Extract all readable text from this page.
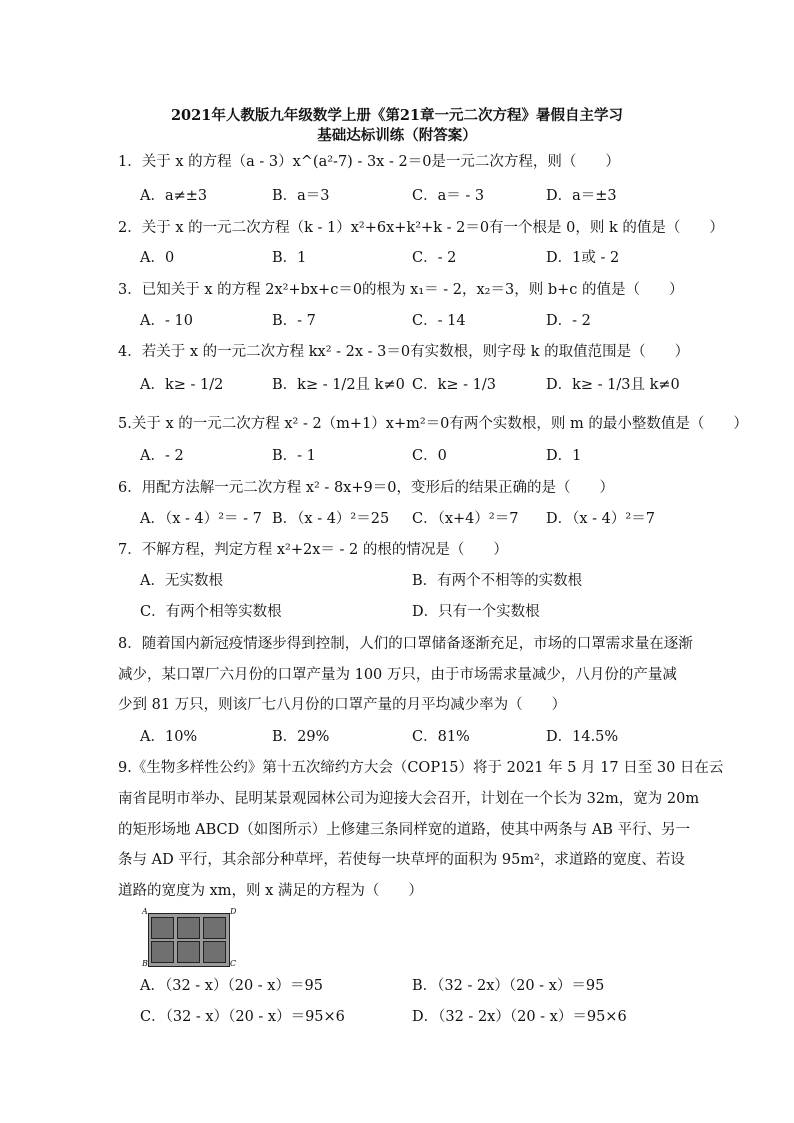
2021年人教版九年级数学上册《第21章一元二次方程》暑假自主学习
基础达标训练（附答案）
1．关于 x 的方程（a - 3）x^(a²-7) - 3x - 2＝0是一元二次方程，则（　　）
A．a≠±3	B．a＝3	C．a＝ - 3	D．a＝±3
2．关于 x 的一元二次方程（k - 1）x²+6x+k²+k - 2＝0有一个根是 0，则 k 的值是（　　）
A．0	B．1	C．- 2	D．1或 - 2
3．已知关于 x 的方程 2x²+bx+c＝0的根为 x₁＝ - 2，x₂＝3，则 b+c 的值是（　　）
A．- 10	B．- 7	C．- 14	D．- 2
4．若关于 x 的一元二次方程 kx² - 2x - 3＝0有实数根，则字母 k 的取值范围是（　　）
A．k≥ - 1/2	B．k≥ - 1/2且 k≠0 C．k≥ - 1/3	D．k≥ - 1/3且 k≠0
5.关于 x 的一元二次方程 x² - 2（m+1）x+m²＝0有两个实数根，则 m 的最小整数值是（　　）
A．- 2	B．- 1	C．0	D．1
6．用配方法解一元二次方程 x² - 8x+9＝0，变形后的结果正确的是（　　）
A．（x - 4）²＝ - 7 B．（x - 4）²＝25 C．（x+4）²＝7 D．（x - 4）²＝7
7．不解方程，判定方程 x²+2x＝ - 2 的根的情况是（　　）
A．无实数根	B．有两个不相等的实数根
C．有两个相等实数根	D．只有一个实数根
8．随着国内新冠疫情逐步得到控制，人们的口罩储备逐渐充足，市场的口罩需求量在逐渐
减少，某口罩厂六月份的口罩产量为 100 万只，由于市场需求量减少，八月份的产量减
少到 81 万只，则该厂七八月份的口罩产量的月平均减少率为（　　）
A．10%	B．29%	C．81%	D．14.5%
9.《生物多样性公约》第十五次缔约方大会（COP15）将于 2021 年 5 月 17 日至 30 日在云
南省昆明市举办、昆明某景观园林公司为迎接大会召开，计划在一个长为 32m，宽为 20m
的矩形场地 ABCD（如图所示）上修建三条同样宽的道路，使其中两条与 AB 平行、另一
条与 AD 平行，其余部分种草坪，若使每一块草坪的面积为 95m²，求道路的宽度、若设
道路的宽度为 xm，则 x 满足的方程为（　　）
A	D
B	C
A．（32 - x）（20 - x）＝95	B．（32 - 2x）（20 - x）＝95
C．（32 - x）（20 - x）＝95×6	D．（32 - 2x）（20 - x）＝95×6
